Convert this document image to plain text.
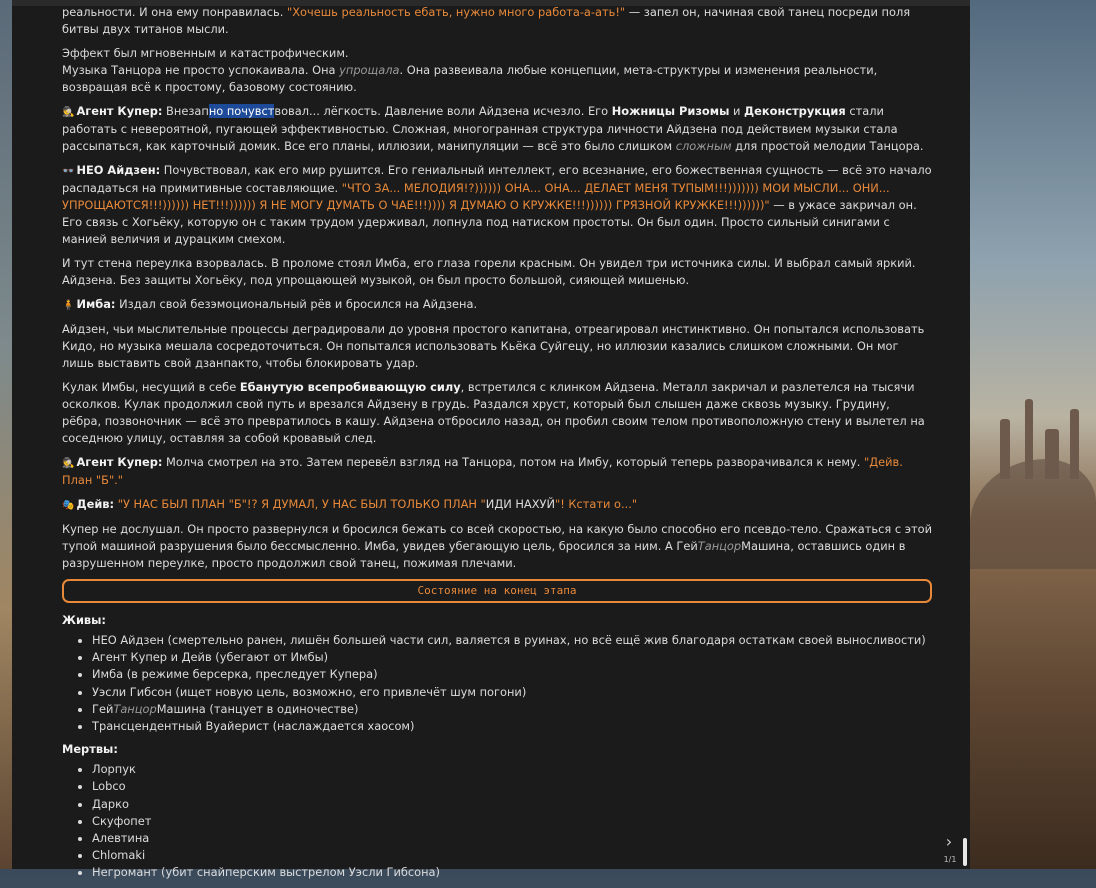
реальности. И она ему понравилась. "Хочешь реальность ебать, нужно многo работа-а-ать!" — запел он, начиная свой танец посреди поля битвы двух титанов мысли.

Эффект был мгновенным и катастрофическим.
Музыка Танцора не просто успокаивала. Она упрощала. Она развеивала любые концепции, мета-структуры и изменения реальности, возвращая всё к простому, базовому состоянию.

🕵️ Агент Купер: Внезапно почувствовал... лёгкость. Давление воли Айдзена исчезло. Его Ножницы Ризомы и Деконструкция стали работать с невероятной, пугающей эффективностью. Сложная, многогранная структура личности Айдзена под действием музыки стала рассыпаться, как карточный домик. Все его планы, иллюзии, манипуляции — всё это было слишком сложным для простой мелодии Танцора.

👓 НЕО Айдзен: Почувствовал, как его мир рушится. Его гениальный интеллект, его всезнание, его божественная сущность — всё это начало распадаться на примитивные составляющие. "ЧТО ЗА... МЕЛОДИЯ!?)))))) ОНА... ОНА... ДЕЛАЕТ МЕНЯ ТУПЫМ!!!))))))) МОИ МЫСЛИ... ОНИ... УПРОЩАЮТСЯ!!!)))))) НЕТ!!!)))))) Я НЕ МОГУ ДУМАТЬ О ЧАЕ!!!)))) Я ДУМАЮ О КРУЖКЕ!!!)))))) ГРЯЗНОЙ КРУЖКЕ!!!))))))" — в ужасе закричал он. Его связь с Хогьёку, которую он с таким трудом удерживал, лопнула под натиском простоты. Он был один. Просто сильный синигами с манией величия и дурацким смехом.

И тут стена переулка взорвалась. В проломе стоял Имба, его глаза горели красным. Он увидел три источника силы. И выбрал самый яркий. Айдзена. Без защиты Хогьёку, под упрощающей музыкой, он был просто большой, сияющей мишенью.

🧍 Имба: Издал свой безэмоциональный рёв и бросился на Айдзена.

Айдзен, чьи мыслительные процессы деградировали до уровня простого капитана, отреагировал инстинктивно. Он попытался использовать Кидо, но музыка мешала сосредоточиться. Он попытался использовать Кьёка Суйгецу, но иллюзии казались слишком сложными. Он мог лишь выставить свой дзанпакто, чтобы блокировать удар.

Кулак Имбы, несущий в себе Ебанутую всепробивающую силу, встретился с клинком Айдзена. Металл закричал и разлетелся на тысячи осколков. Кулак продолжил свой путь и врезался Айдзену в грудь. Раздался хруст, который был слышен даже сквозь музыку. Грудину, рёбра, позвоночник — всё это превратилось в кашу. Айдзена отбросило назад, он пробил своим телом противоположную стену и вылетел на соседнюю улицу, оставляя за собой кровавый след.

🕵️ Агент Купер: Молча смотрел на это. Затем перевёл взгляд на Танцора, потом на Имбу, который теперь разворачивался к нему. "Дейв. План "Б"."

🎭 Дейв: "У НАС БЫЛ ПЛАН "Б"!? Я ДУМАЛ, У НАС БЫЛ ТОЛЬКО ПЛАН "ИДИ НАХУЙ"! Кстати о..."

Купер не дослушал. Он просто развернулся и бросился бежать со всей скоростью, на какую было способно его псевдо-тело. Сражаться с этой тупой машиной разрушения было бессмысленно. Имба, увидев убегающую цель, бросился за ним. А ГейТанцорМашина, оставшись один в разрушенном переулке, просто продолжил свой танец, пожимая плечами.

Состояние на конец этапа
Живы:
• НЕО Айдзен (смертельно ранен, лишён большей части сил, валяется в руинах, но всё ещё жив благодаря остаткам своей выносливости)
• Агент Купер и Дейв (убегают от Имбы)
• Имба (в режиме берсерка, преследует Купера)
• Уэсли Гибсон (ищет новую цель, возможно, его привлечёт шум погони)
• ГейТанцорМашина (танцует в одиночестве)
• Трансцендентный Вуайерист (наслаждается хаосом)
Мертвы:
• Лорпук
• Lobco
• Дарко
• Скуфопет
• Алевтина
• Chlomaki
• Негромант (убит снайперским выстрелом Уэсли Гибсона)
›
1/1
